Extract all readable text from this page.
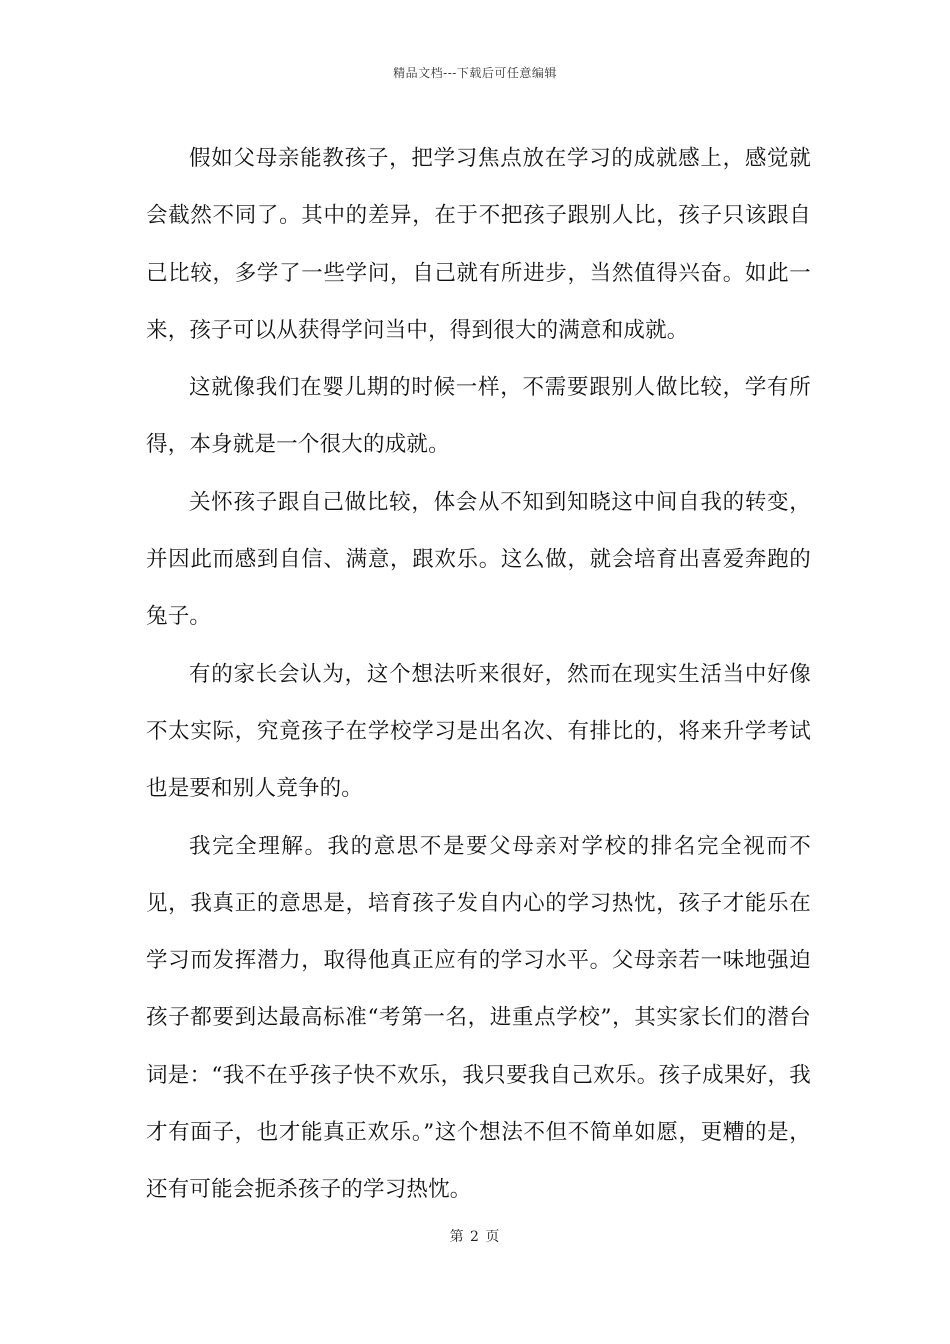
精品文档---下载后可任意编辑

假如父母亲能教孩子，把学习焦点放在学习的成就感上，感觉就会截然不同了。其中的差异，在于不把孩子跟别人比，孩子只该跟自己比较，多学了一些学问，自己就有所进步，当然值得兴奋。如此一来，孩子可以从获得学问当中，得到很大的满意和成就。

这就像我们在婴儿期的时候一样，不需要跟别人做比较，学有所得，本身就是一个很大的成就。

关怀孩子跟自己做比较，体会从不知到知晓这中间自我的转变，并因此而感到自信、满意，跟欢乐。这么做，就会培育出喜爱奔跑的兔子。

有的家长会认为，这个想法听来很好，然而在现实生活当中好像不太实际，究竟孩子在学校学习是出名次、有排比的，将来升学考试也是要和别人竞争的。

我完全理解。我的意思不是要父母亲对学校的排名完全视而不见，我真正的意思是，培育孩子发自内心的学习热忱，孩子才能乐在学习而发挥潜力，取得他真正应有的学习水平。父母亲若一味地强迫孩子都要到达最高标准“考第一名，进重点学校”，其实家长们的潜台词是：“我不在乎孩子快不欢乐，我只要我自己欢乐。孩子成果好，我才有面子，也才能真正欢乐。”这个想法不但不简单如愿，更糟的是，还有可能会扼杀孩子的学习热忱。

第 2 页
